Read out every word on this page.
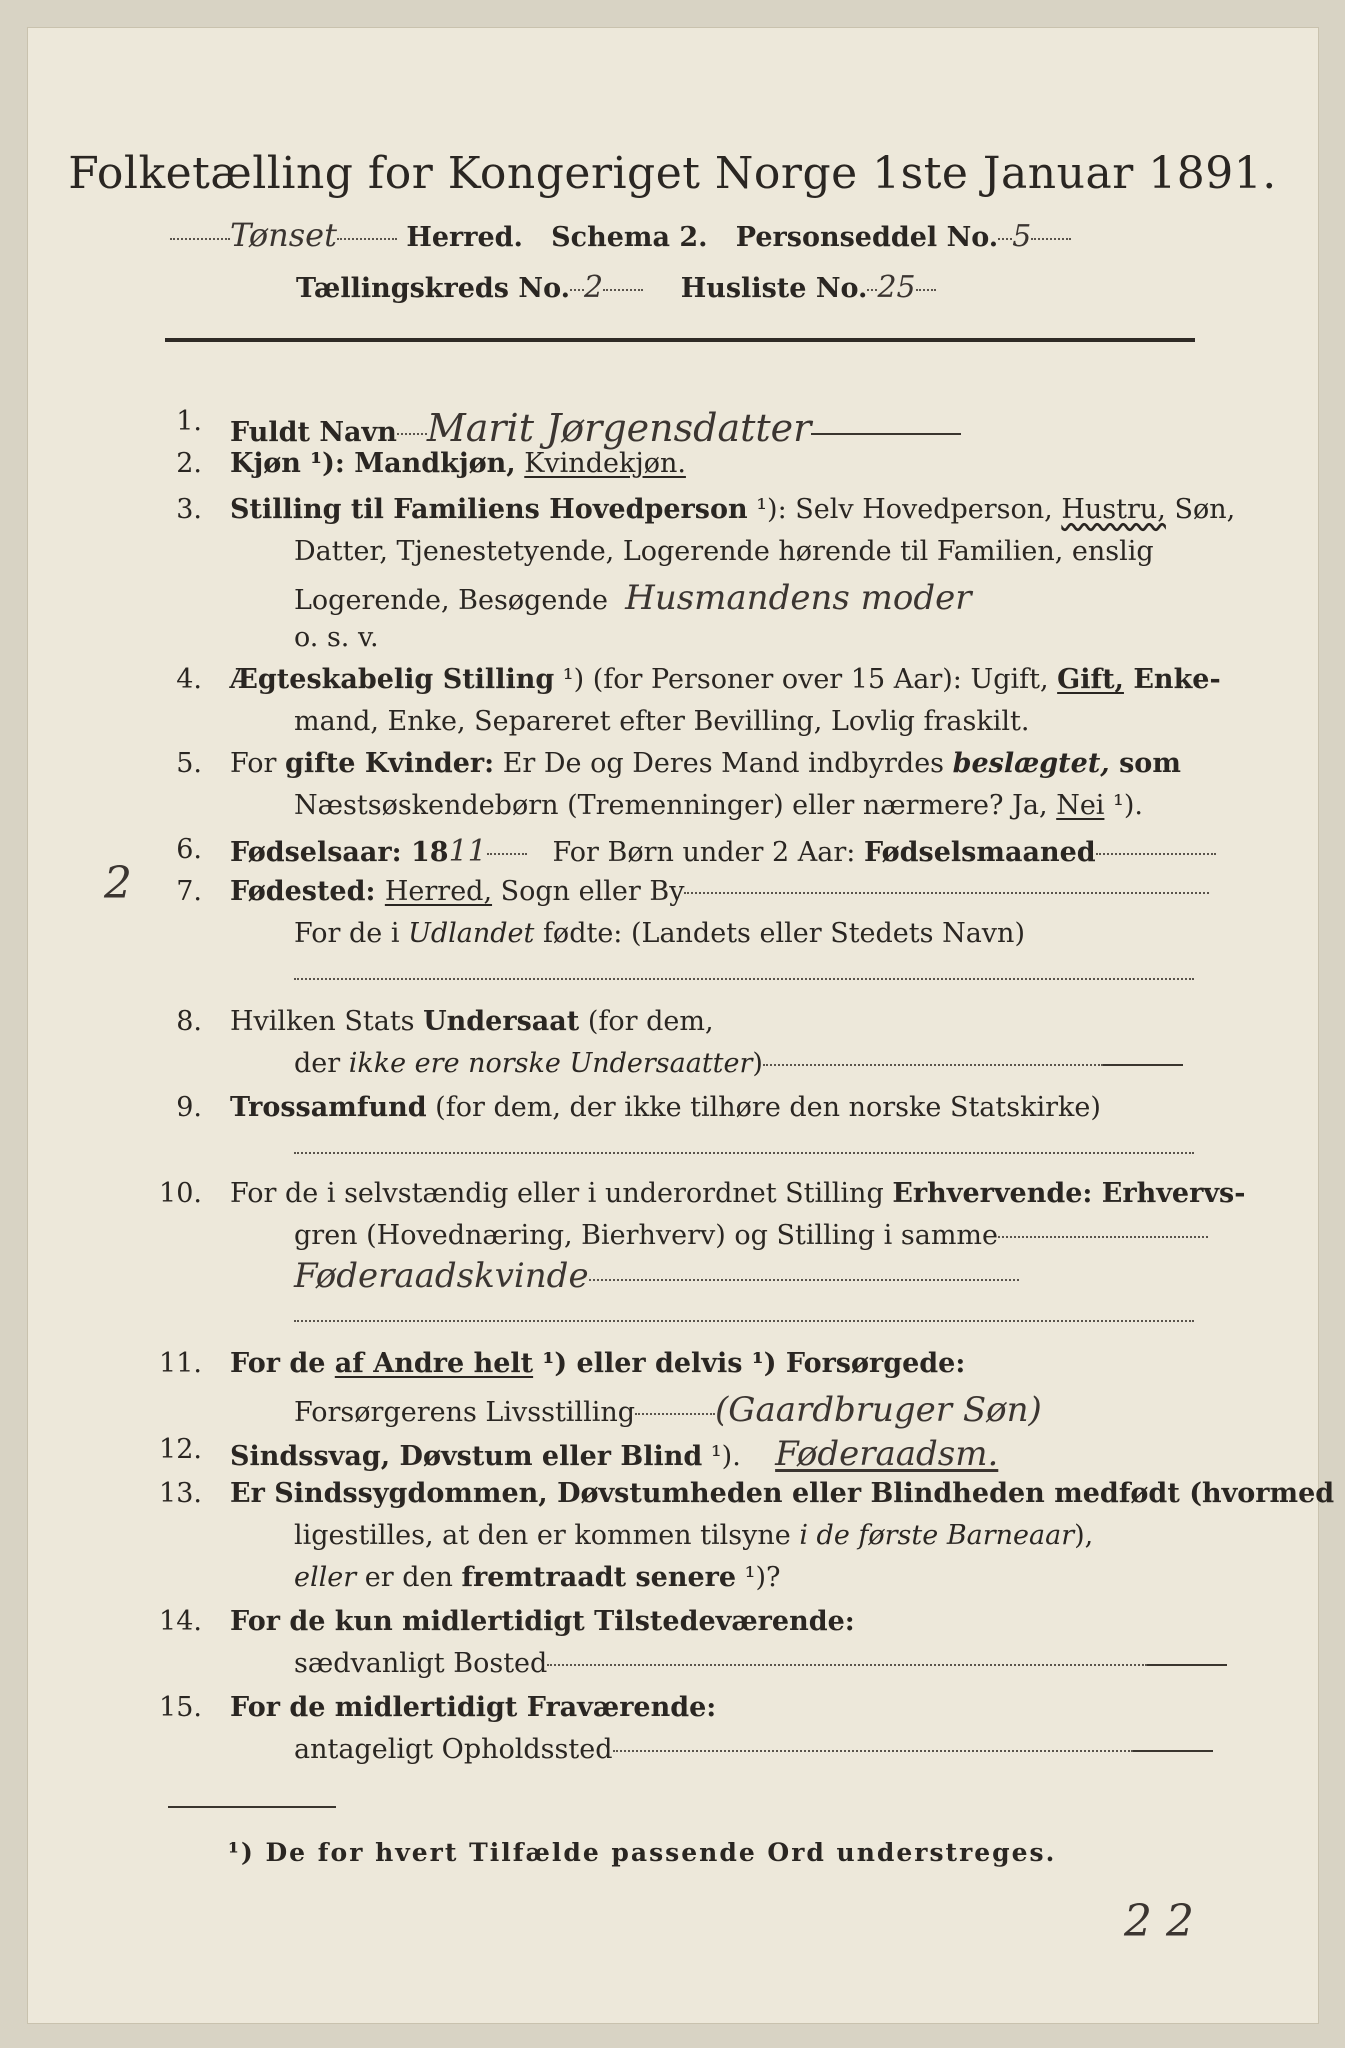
Folketælling for Kongeriget Norge 1ste Januar 1891.
Tønset	Herred. Schema 2. Personseddel No. 5
Tællingskreds No. 2	Husliste No. 25
1. Fuldt Navn Marit Jørgensdatter
2. Kjøn ¹): Mandkjøn, Kvindekjøn.
3. Stilling til Familiens Hovedperson ¹): Selv Hovedperson, Hustru, Søn,
Datter, Tjenestetyende, Logerende hørende til Familien, enslig
Logerende, Besøgende Husmandens moder
o. s. v.
4. Ægteskabelig Stilling ¹) (for Personer over 15 Aar): Ugift, Gift, Enke-
mand, Enke, Separeret efter Bevilling, Lovlig fraskilt.
5. For gifte Kvinder: Er De og Deres Mand indbyrdes beslægtet, som
Næstsøskendebørn (Tremenninger) eller nærmere? Ja, Nei ¹).
6. Fødselsaar: 1811 For Børn under 2 Aar: Fødselsmaaned
2	7. Fødested: Herred, Sogn eller By
For de i Udlandet fødte: (Landets eller Stedets Navn)
8. Hvilken Stats Undersaat (for dem,
der ikke ere norske Undersaatter)
9. Trossamfund (for dem, der ikke tilhøre den norske Statskirke)
10. For de i selvstændig eller i underordnet Stilling Erhvervende: Erhvervs-
gren (Hovednæring, Bierhverv) og Stilling i samme
Føderaadskvinde
11. For de af Andre helt ¹) eller delvis ¹) Forsørgede:
Forsørgerens Livsstilling (Gaardbruger Søn)
12. Sindssvag, Døvstum eller Blind ¹). Føderaadsm.
13. Er Sindssygdommen, Døvstumheden eller Blindheden medfødt (hvormed
ligestilles, at den er kommen tilsyne i de første Barneaar),
eller er den fremtraadt senere ¹)?
14. For de kun midlertidigt Tilstedeværende:
sædvanligt Bosted
15. For de midlertidigt Fraværende:
antageligt Opholdssted
¹) De for hvert Tilfælde passende Ord understreges.
2 2
